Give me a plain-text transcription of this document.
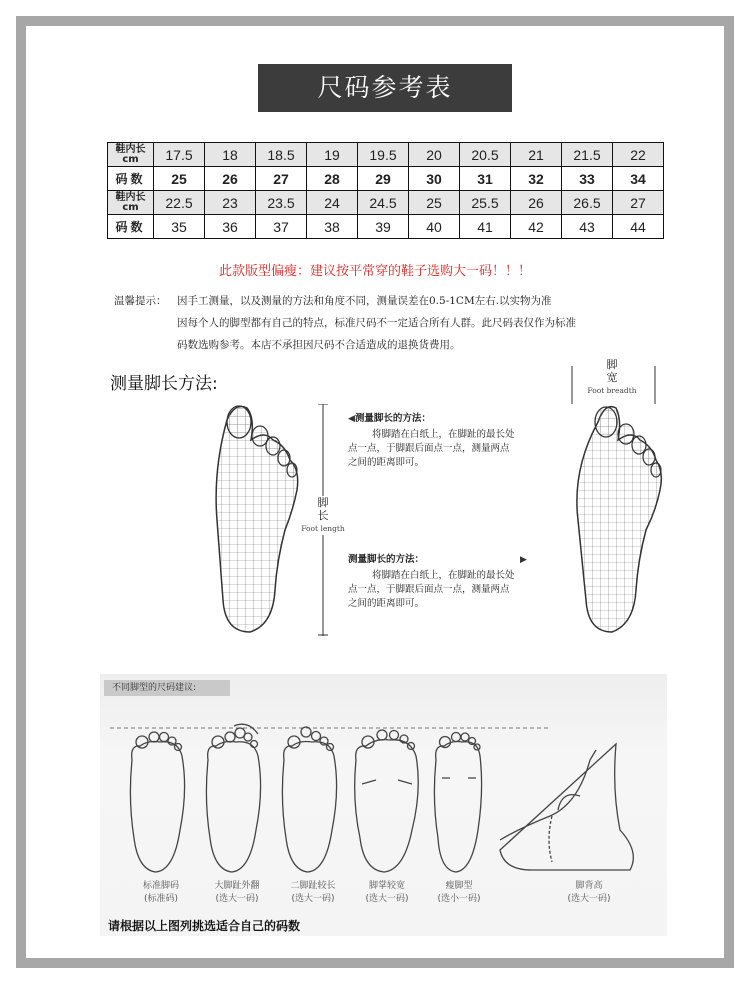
尺码参考表
鞋内长
cm	17.5	18	18.5	19	19.5	20	20.5	21	21.5	22
码数	25	26	27	28	29	30	31	32	33	34

鞋内长
cm	22.5	23	23.5	24	24.5	25	25.5	26	26.5	27
码数	35	36	37	38	39	40	41	42	43	44
此款版型偏瘦：建议按平常穿的鞋子选购大一码！！！
温馨提示： 因手工测量，以及测量的方法和角度不同，测量误差在0.5-1CM左右.以实物为准
因每个人的脚型都有自己的特点，标准尺码不一定适合所有人群。此尺码表仅作为标准
码数选购参考。本店不承担因尺码不合适造成的退换货费用。
测量脚长方法:
脚
长
Foot length
◀测量脚长的方法：
将脚踏在白纸上，在脚趾的最长处
点一点，于脚跟后面点一点，测量两点
之间的距离即可。
测量脚长的方法：	▶
将脚踏在白纸上，在脚趾的最长处
点一点，于脚跟后面点一点，测量两点
之间的距离即可。
脚
宽
Foot breadth
不同脚型的尺码建议:
标准脚码
(标准码)
大脚趾外翻
(选大一码)
二脚趾较长
(选大一码)
脚掌较宽
(选大一码)
瘦脚型
(选小一码)
脚背高
(选大一码)
请根据以上图列挑选适合自己的码数
